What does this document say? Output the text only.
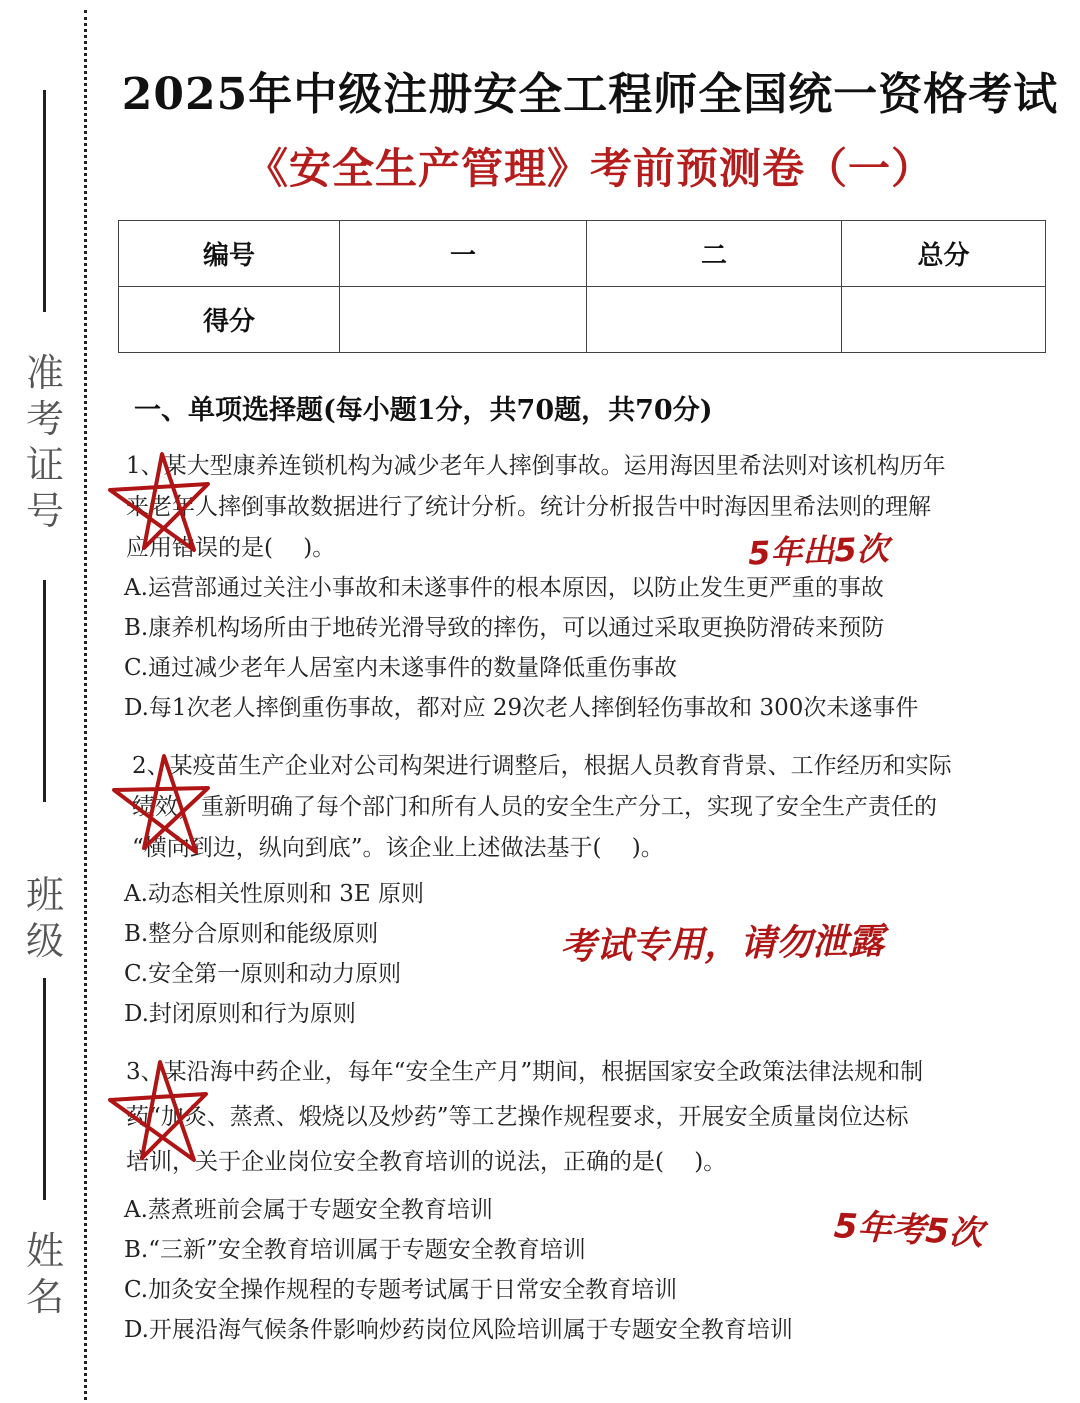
准
考
证
号
班
级
姓
名
2025年中级注册安全工程师全国统一资格考试
《安全生产管理》考前预测卷（一）
编号	一	二	总分
得分			
一、单项选择题(每小题1分，共70题，共70分)
1、某大型康养连锁机构为减少老年人摔倒事故。运用海因里希法则对该机构历年
来老年人摔倒事故数据进行了统计分析。统计分析报告中时海因里希法则的理解
应用错误的是(　 )。
A.运营部通过关注小事故和未遂事件的根本原因，以防止发生更严重的事故
B.康养机构场所由于地砖光滑导致的摔伤，可以通过采取更换防滑砖来预防
C.通过减少老年人居室内未遂事件的数量降低重伤事故
D.每1次老人摔倒重伤事故，都对应 29次老人摔倒轻伤事故和 300次未遂事件
2、某疫苗生产企业对公司构架进行调整后，根据人员教育背景、工作经历和实际
绩效，重新明确了每个部门和所有人员的安全生产分工，实现了安全生产责任的
“横向到边，纵向到底”。该企业上述做法基于(　 )。
A.动态相关性原则和 3E 原则
B.整分合原则和能级原则
C.安全第一原则和动力原则
D.封闭原则和行为原则
3、某沿海中药企业，每年“安全生产月”期间，根据国家安全政策法律法规和制
药“加灸、蒸煮、煅烧以及炒药”等工艺操作规程要求，开展安全质量岗位达标
培训，关于企业岗位安全教育培训的说法，正确的是(　 )。
A.蒸煮班前会属于专题安全教育培训
B.“三新”安全教育培训属于专题安全教育培训
C.加灸安全操作规程的专题考试属于日常安全教育培训
D.开展沿海气候条件影响炒药岗位风险培训属于专题安全教育培训
5年出5次
考试专用，请勿泄露
5年考5次
